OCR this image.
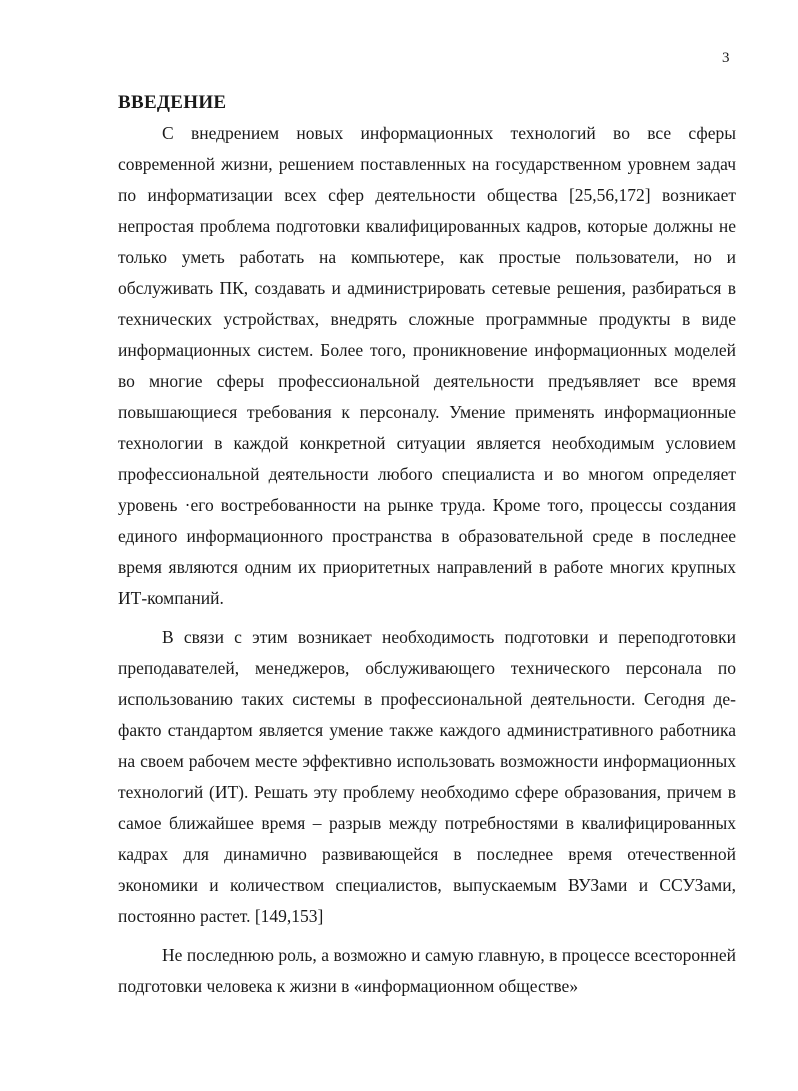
3
ВВЕДЕНИЕ

С внедрением новых информационных технологий во все сферы современной жизни, решением поставленных на государственном уровнем задач по информатизации всех сфер деятельности общества [25,56,172] возникает непростая проблема подготовки квалифицированных кадров, которые должны не только уметь работать на компьютере, как простые пользователи, но и обслуживать ПК, создавать и администрировать сетевые решения, разбираться в технических устройствах, внедрять сложные программные продукты в виде информационных систем. Более того, проникновение информационных моделей во многие сферы профессиональной деятельности предъявляет все время повышающиеся требования к персоналу. Умение применять информационные технологии в каждой конкретной ситуации является необходимым условием профессиональной деятельности любого специалиста и во многом определяет уровень ·его востребованности на рынке труда. Кроме того, процессы создания единого информационного пространства в образовательной среде в последнее время являются одним их приоритетных направлений в работе многих крупных ИТ-компаний.

В связи с этим возникает необходимость подготовки и переподготовки преподавателей, менеджеров, обслуживающего технического персонала по использованию таких системы в профессиональной деятельности. Сегодня де-факто стандартом является умение также каждого административного работника на своем рабочем месте эффективно использовать возможности информационных технологий (ИТ). Решать эту проблему необходимо сфере образования, причем в самое ближайшее время – разрыв между потребностями в квалифицированных кадрах для динамично развивающейся в последнее время отечественной экономики и количеством специалистов, выпускаемым ВУЗами и ССУЗами, постоянно растет. [149,153]

Не последнюю роль, а возможно и самую главную, в процессе всесторонней подготовки человека к жизни в «информационном обществе»
